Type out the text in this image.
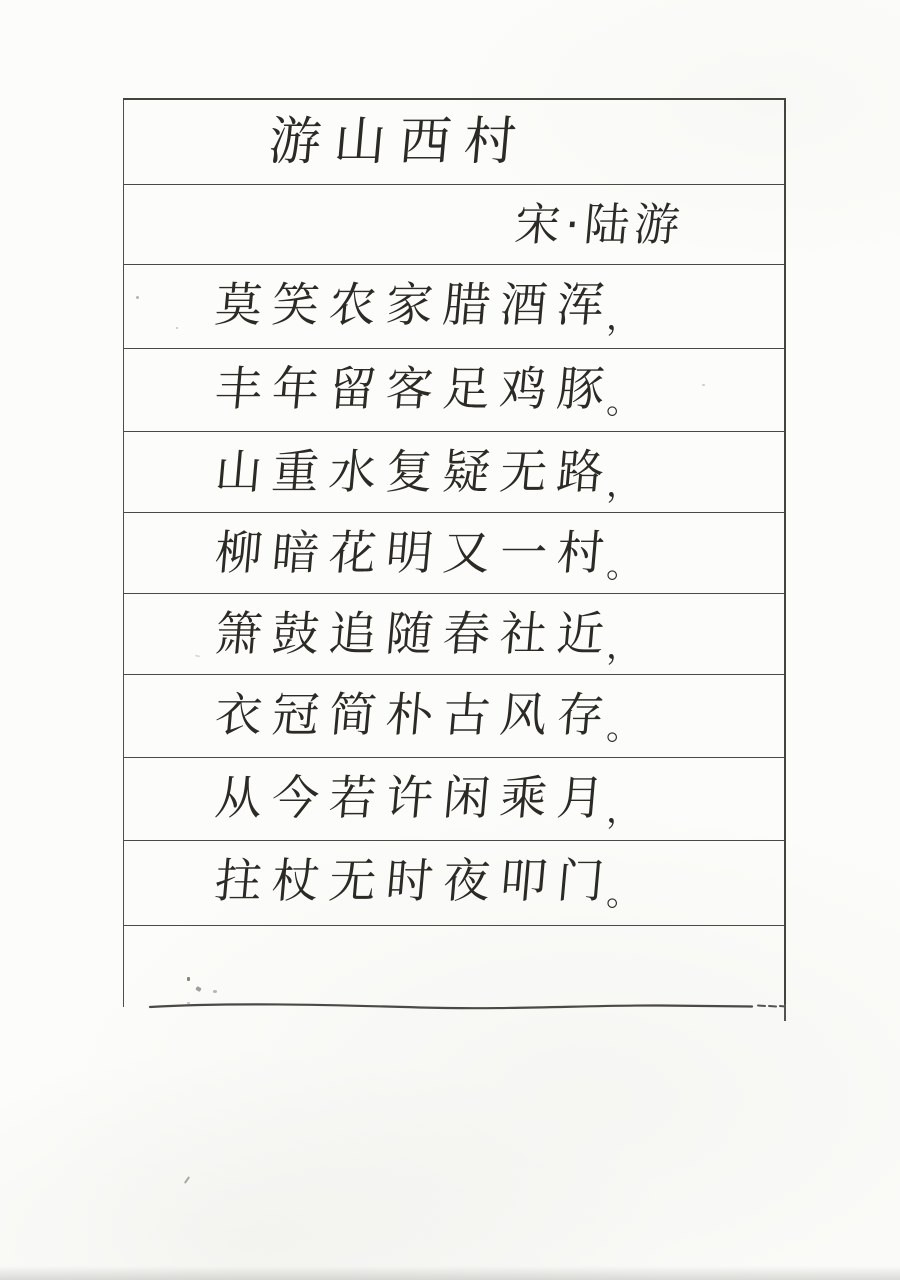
游山西村
宋·陆游
莫笑农家腊酒浑
，
丰年留客足鸡豚
。
山重水复疑无路
，
柳暗花明又一村
。
箫鼓追随春社近
，
衣冠简朴古风存
。
从今若许闲乘月
，
拄杖无时夜叩门
。
